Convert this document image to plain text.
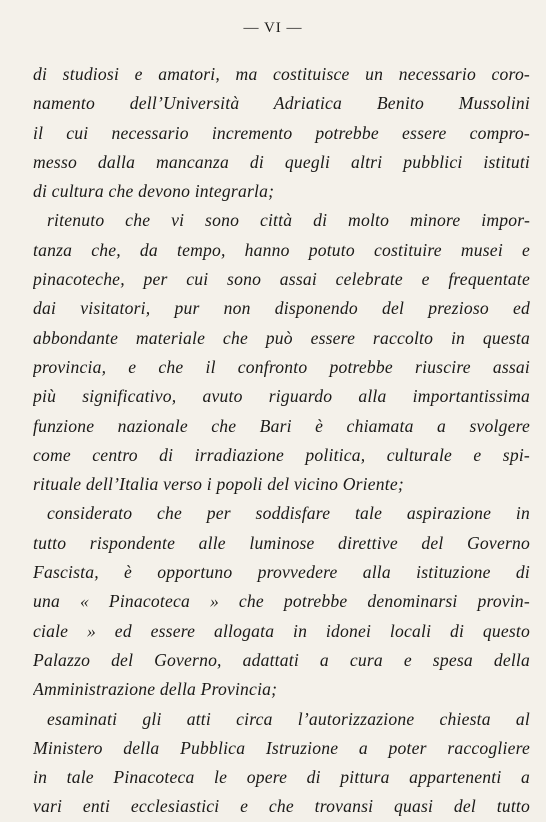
— VI —
di studiosi e amatori, ma costituisce un necessario coro-
namento dell’Università Adriatica Benito Mussolini
il cui necessario incremento potrebbe essere compro-
messo dalla mancanza di quegli altri pubblici istituti
di cultura che devono integrarla;
ritenuto che vi sono città di molto minore impor-
tanza che, da tempo, hanno potuto costituire musei e
pinacoteche, per cui sono assai celebrate e frequentate
dai visitatori, pur non disponendo del prezioso ed
abbondante materiale che può essere raccolto in questa
provincia, e che il confronto potrebbe riuscire assai
più significativo, avuto riguardo alla importantissima
funzione nazionale che Bari è chiamata a svolgere
come centro di irradiazione politica, culturale e spi-
rituale dell’Italia verso i popoli del vicino Oriente;
considerato che per soddisfare tale aspirazione in
tutto rispondente alle luminose direttive del Governo
Fascista, è opportuno provvedere alla istituzione di
una « Pinacoteca » che potrebbe denominarsi provin-
ciale » ed essere allogata in idonei locali di questo
Palazzo del Governo, adattati a cura e spesa della
Amministrazione della Provincia;
esaminati gli atti circa l’autorizzazione chiesta al
Ministero della Pubblica Istruzione a poter raccogliere
in tale Pinacoteca le opere di pittura appartenenti a
vari enti ecclesiastici e che trovansi quasi del tutto
